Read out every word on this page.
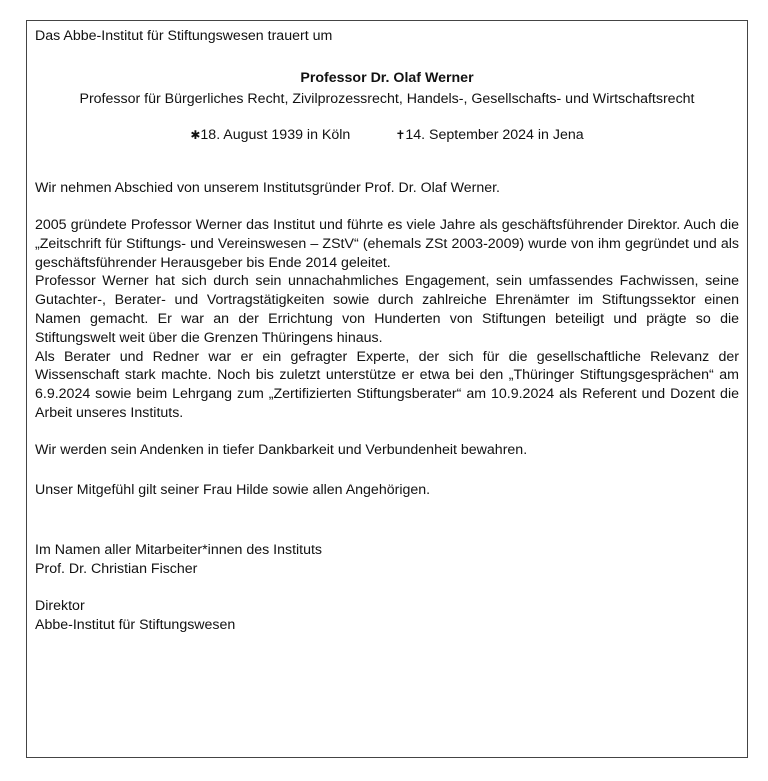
Das Abbe-Institut für Stiftungswesen trauert um
Professor Dr. Olaf Werner
Professor für Bürgerliches Recht, Zivilprozessrecht, Handels-, Gesellschafts- und Wirtschaftsrecht
✱18. August 1939 in Köln	✝14. September 2024 in Jena
Wir nehmen Abschied von unserem Institutsgründer Prof. Dr. Olaf Werner.

2005 gründete Professor Werner das Institut und führte es viele Jahre als geschäftsführender Direktor. Auch die „Zeitschrift für Stiftungs- und Vereinswesen – ZStV“ (ehemals ZSt 2003-2009) wurde von ihm gegründet und als geschäftsführender Herausgeber bis Ende 2014 geleitet.

Professor Werner hat sich durch sein unnachahmliches Engagement, sein umfassendes Fachwissen, seine Gutachter-, Berater- und Vortragstätigkeiten sowie durch zahlreiche Ehrenämter im Stiftungssektor einen Namen gemacht. Er war an der Errichtung von Hunderten von Stiftungen beteiligt und prägte so die Stiftungswelt weit über die Grenzen Thüringens hinaus.

Als Berater und Redner war er ein gefragter Experte, der sich für die gesellschaftliche Relevanz der Wissenschaft stark machte. Noch bis zuletzt unterstütze er etwa bei den „Thüringer Stiftungsgesprächen“ am 6.9.2024 sowie beim Lehrgang zum „Zertifizierten Stiftungsberater“ am 10.9.2024 als Referent und Dozent die Arbeit unseres Instituts.

Wir werden sein Andenken in tiefer Dankbarkeit und Verbundenheit bewahren.
Unser Mitgefühl gilt seiner Frau Hilde sowie allen Angehörigen.
Im Namen aller Mitarbeiter*innen des Instituts
Prof. Dr. Christian Fischer
Direktor
Abbe-Institut für Stiftungswesen
